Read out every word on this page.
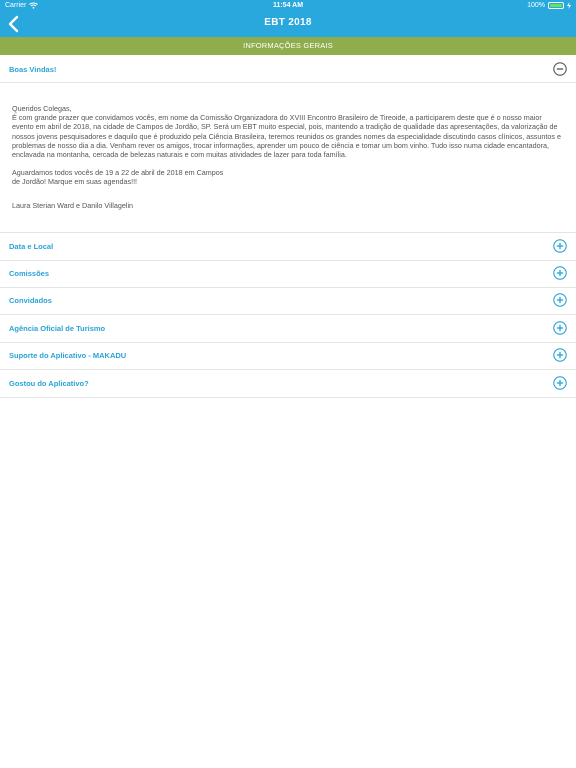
Carrier	11:54 AM	100%
EBT 2018
INFORMAÇÕES GERAIS
Boas Vindas!

Queridos Colegas,

É com grande prazer que convidamos vocês, em nome da Comissão Organizadora do XVIII Encontro Brasileiro de Tireoide, a participarem deste que é o nosso maior evento em abril de 2018, na cidade de Campos de Jordão, SP. Será um EBT muito especial, pois, mantendo a tradição de qualidade das apresentações, da valorização de nossos jovens pesquisadores e daquilo que é produzido pela Ciência Brasileira, teremos reunidos os grandes nomes da especialidade discutindo casos clínicos, assuntos e problemas de nosso dia a dia. Venham rever os amigos, trocar informações, aprender um pouco de ciência e tomar um bom vinho. Tudo isso numa cidade encantadora, enclavada na montanha, cercada de belezas naturais e com muitas atividades de lazer para toda família.

Aguardamos todos vocês de 19 a 22 de abril de 2018 em Campos

de Jordão! Marque em suas agendas!!!

Laura Sterian Ward e Danilo Villagelin

Data e Local
Comissões
Convidados
Agência Oficial de Turismo
Suporte do Aplicativo - MAKADU
Gostou do Aplicativo?
